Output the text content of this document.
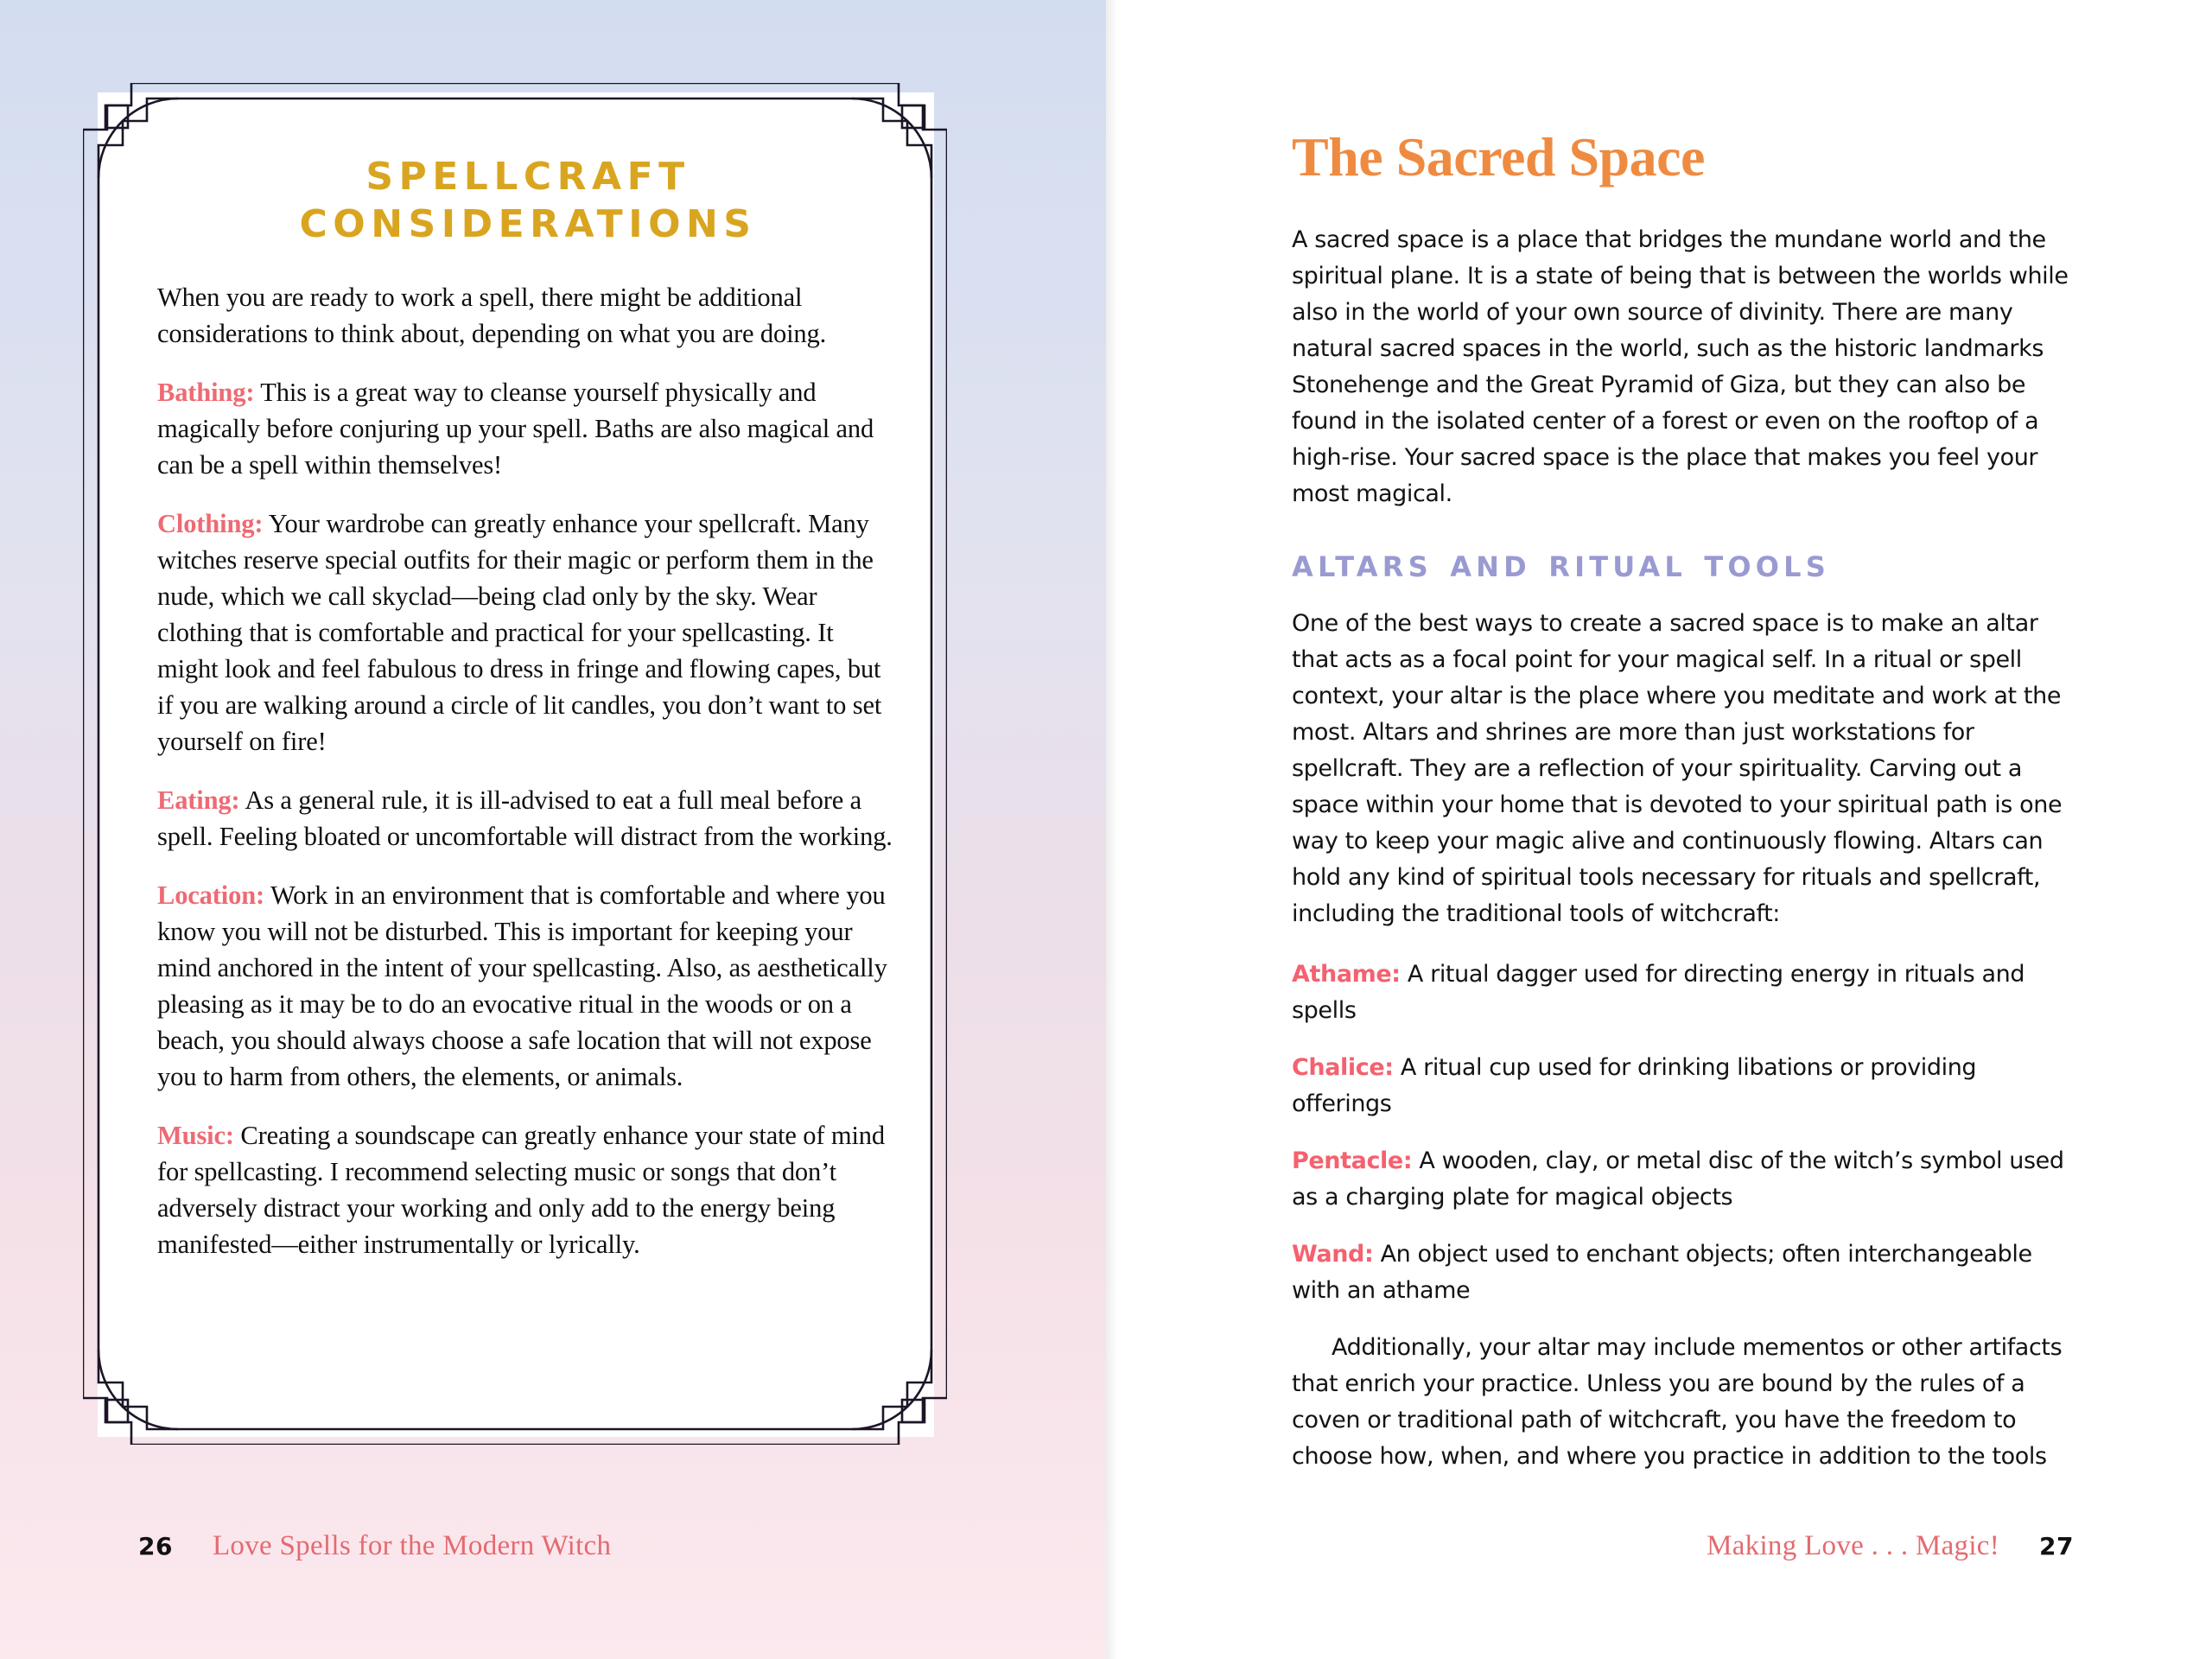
SPELLCRAFT CONSIDERATIONS

When you are ready to work a spell, there might be additional considerations to think about, depending on what you are doing.

Bathing: This is a great way to cleanse yourself physically and magically before conjuring up your spell. Baths are also magical and can be a spell within themselves!

Clothing: Your wardrobe can greatly enhance your spellcraft. Many witches reserve special outfits for their magic or perform them in the nude, which we call skyclad—being clad only by the sky. Wear clothing that is comfortable and practical for your spellcasting. It might look and feel fabulous to dress in fringe and flowing capes, but if you are walking around a circle of lit candles, you don’t want to set yourself on fire!

Eating: As a general rule, it is ill-advised to eat a full meal before a spell. Feeling bloated or uncomfortable will distract from the working.

Location: Work in an environment that is comfortable and where you know you will not be disturbed. This is important for keeping your mind anchored in the intent of your spellcasting. Also, as aesthetically pleasing as it may be to do an evocative ritual in the woods or on a beach, you should always choose a safe location that will not expose you to harm from others, the elements, or animals.

Music: Creating a soundscape can greatly enhance your state of mind for spellcasting. I recommend selecting music or songs that don’t adversely distract your working and only add to the energy being manifested—either instrumentally or lyrically.

26 Love Spells for the Modern Witch
The Sacred Space

A sacred space is a place that bridges the mundane world and the spiritual plane. It is a state of being that is between the worlds while also in the world of your own source of divinity. There are many natural sacred spaces in the world, such as the historic landmarks Stonehenge and the Great Pyramid of Giza, but they can also be found in the isolated center of a forest or even on the rooftop of a high-rise. Your sacred space is the place that makes you feel your most magical.

ALTARS AND RITUAL TOOLS

One of the best ways to create a sacred space is to make an altar that acts as a focal point for your magical self. In a ritual or spell context, your altar is the place where you meditate and work at the most. Altars and shrines are more than just workstations for spellcraft. They are a reflection of your spirituality. Carving out a space within your home that is devoted to your spiritual path is one way to keep your magic alive and continuously flowing. Altars can hold any kind of spiritual tools necessary for rituals and spellcraft, including the traditional tools of witchcraft:

Athame: A ritual dagger used for directing energy in rituals and spells

Chalice: A ritual cup used for drinking libations or providing offerings

Pentacle: A wooden, clay, or metal disc of the witch’s symbol used as a charging plate for magical objects

Wand: An object used to enchant objects; often interchangeable with an athame

Additionally, your altar may include mementos or other artifacts that enrich your practice. Unless you are bound by the rules of a coven or traditional path of witchcraft, you have the freedom to choose how, when, and where you practice in addition to the tools

Making Love . . . Magic! 27
